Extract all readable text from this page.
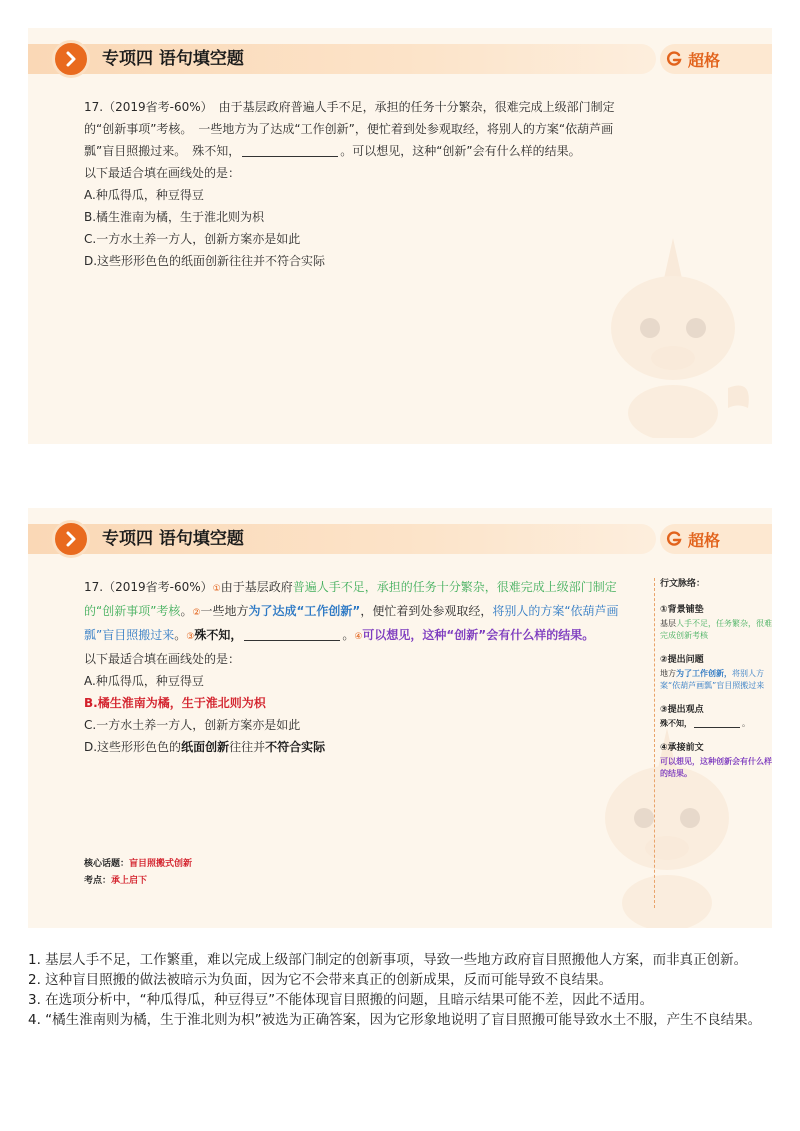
专项四 语句填空题	超格

17.（2019省考-60%）　由于基层政府普遍人手不足，承担的任务十分繁杂，很难完成上级部门制定的“创新事项”考核。　一些地方为了达成“工作创新”，便忙着到处参观取经，将别人的方案“依葫芦画瓢”盲目照搬过来。　殊不知，	。可以想见，这种“创新”会有什么样的结果。

以下最适合填在画线处的是：

A.种瓜得瓜，种豆得豆

B.橘生淮南为橘，生于淮北则为枳

C.一方水土养一方人，创新方案亦是如此

D.这些形形色色的纸面创新往往并不符合实际

专项四 语句填空题	超格

17.（2019省考-60%）①由于基层政府普遍人手不足，承担的任务十分繁杂，很难完成上级部门制定的“创新事项”考核。②一些地方为了达成“工作创新”，便忙着到处参观取经，将别人的方案“依葫芦画瓢”盲目照搬过来。③殊不知，	。④可以想见，这种“创新”会有什么样的结果。

以下最适合填在画线处的是：

A.种瓜得瓜，种豆得豆

B.橘生淮南为橘，生于淮北则为枳

C.一方水土养一方人，创新方案亦是如此

D.这些形形色色的纸面创新往往并不符合实际

核心话题：盲目照搬式创新
考点：承上启下
行文脉络：
①背景铺垫
基层人手不足，任务繁杂，很难完成创新考核
②提出问题
地方为了工作创新，将别人方案“依葫芦画瓢”盲目照搬过来
③提出观点
殊不知，	。
④承接前文
可以想见，这种创新会有什么样的结果。

1. 基层人手不足，工作繁重，难以完成上级部门制定的创新事项，导致一些地方政府盲目照搬他人方案，而非真正创新。

2. 这种盲目照搬的做法被暗示为负面，因为它不会带来真正的创新成果，反而可能导致不良结果。

3. 在选项分析中，“种瓜得瓜，种豆得豆”不能体现盲目照搬的问题，且暗示结果可能不差，因此不适用。

4. “橘生淮南则为橘，生于淮北则为枳”被选为正确答案，因为它形象地说明了盲目照搬可能导致水土不服，产生不良结果。
